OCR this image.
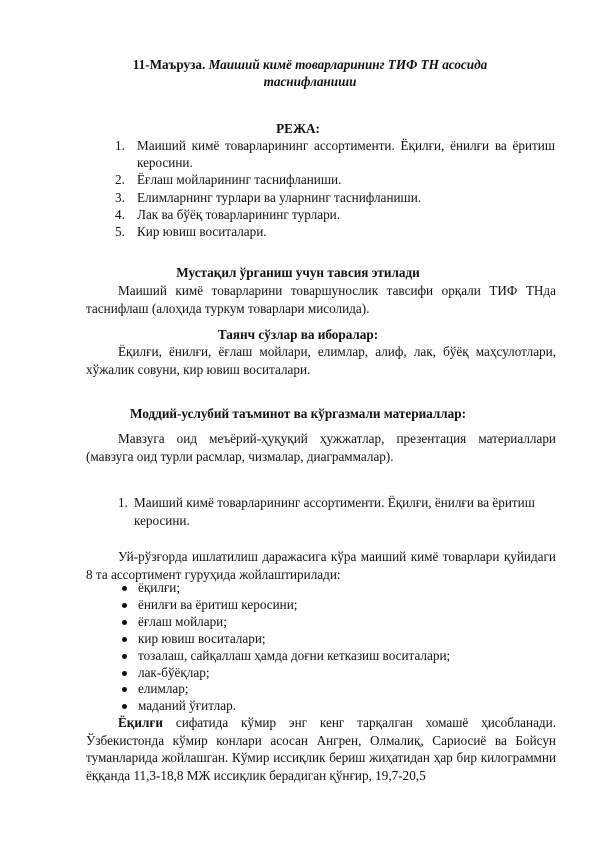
11-Маъруза. Маиший кимё товарларининг ТИФ ТН асосида таснифланиши
РЕЖА:
1. Маиший кимё товарларининг ассортименти. Ёқилғи, ёнилғи ва ёритиш керосини.
2. Ёғлаш мойларининг таснифланиши.
3. Елимларнинг турлари ва уларнинг таснифланиши.
4. Лак ва бўёқ товарларининг турлари.
5. Кир ювиш воситалари.
Мустақил ўрганиш учун тавсия этилади

Маиший кимё товарларини товаршунослик тавсифи орқали ТИФ ТНда таснифлаш (алоҳида туркум товарлари мисолида).

Таянч сўзлар ва иборалар:

Ёқилғи, ёнилғи, ёғлаш мойлари, елимлар, алиф, лак, бўёқ маҳсулотлари, хўжалик совуни, кир ювиш воситалари.

Моддий-услубий таъминот ва кўргазмали материаллар:

Мавзуга оид меъёрий-ҳуқуқий ҳужжатлар, презентация материаллари (мавзуга оид турли расмлар, чизмалар, диаграммалар).

1. Маиший кимё товарларининг ассортименти. Ёқилғи, ёнилғи ва ёритиш керосини.

Уй-рўзғорда ишлатилиш даражасига кўра маиший кимё товарлари қуйидаги 8 та ассортимент гуруҳида жойлаштирилади:

ёқилғи;
ёнилғи ва ёритиш керосини;
ёғлаш мойлари;
кир ювиш воситалари;
тозалаш, сайқаллаш ҳамда доғни кетказиш воситалари;
лак-бўёқлар;
елимлар;
маданий ўғитлар.

Ёқилғи сифатида кўмир энг кенг тарқалган хомашё ҳисобланади. Ўзбекистонда кўмир конлари асосан Ангрен, Олмалиқ, Сариосиё ва Бойсун туманларида жойлашган. Кўмир иссиқлик бериш жиҳатидан ҳар бир килограммни ёққанда 11,3-18,8 МЖ иссиқлик берадиган қўнғир, 19,7-20,5
